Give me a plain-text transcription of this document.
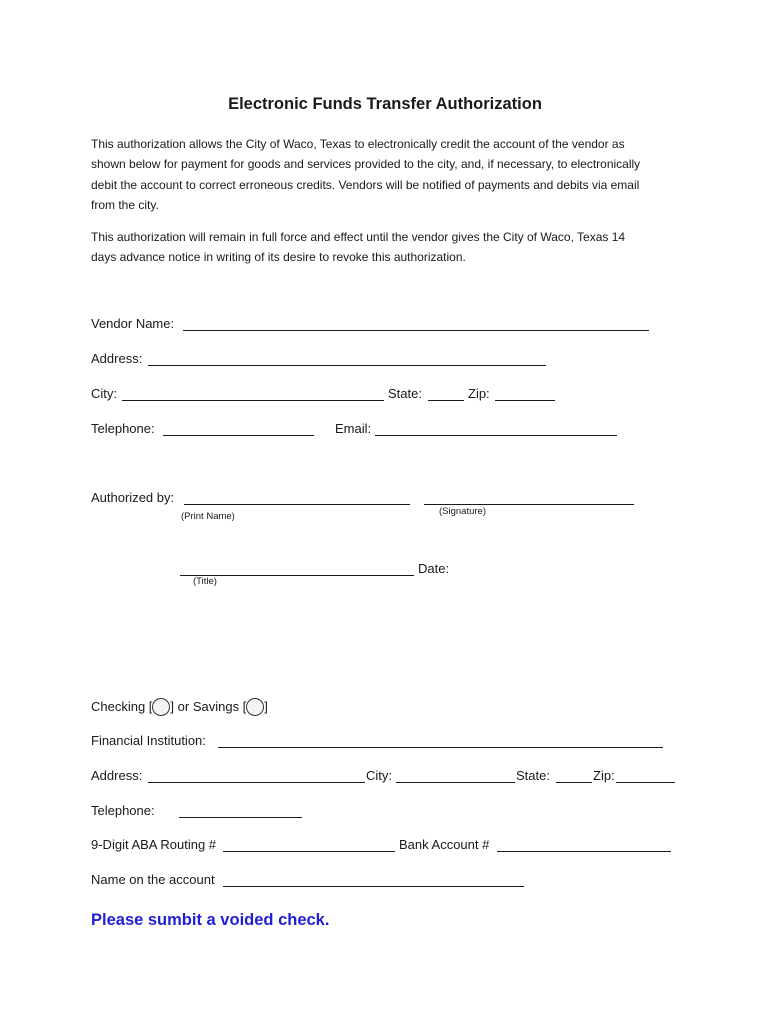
Electronic Funds Transfer Authorization
This authorization allows the City of Waco, Texas to electronically credit the account of the vendor as
shown below for payment for goods and services provided to the city, and, if necessary, to electronically
debit the account to correct erroneous credits. Vendors will be notified of payments and debits via email
from the city.
This authorization will remain in full force and effect until the vendor gives the City of Waco, Texas 14
days advance notice in writing of its desire to revoke this authorization.
Vendor Name:
Address:
City:	State:	Zip:
Telephone:	Email:
Authorized by:
(Print Name)	(Signature)
(Title)
Date:
Checking [ ] or Savings [ ]
Financial Institution:
Address:	City:	State:	Zip:
Telephone:
9-Digit ABA Routing #	Bank Account #
Name on the account
Please sumbit a voided check.
